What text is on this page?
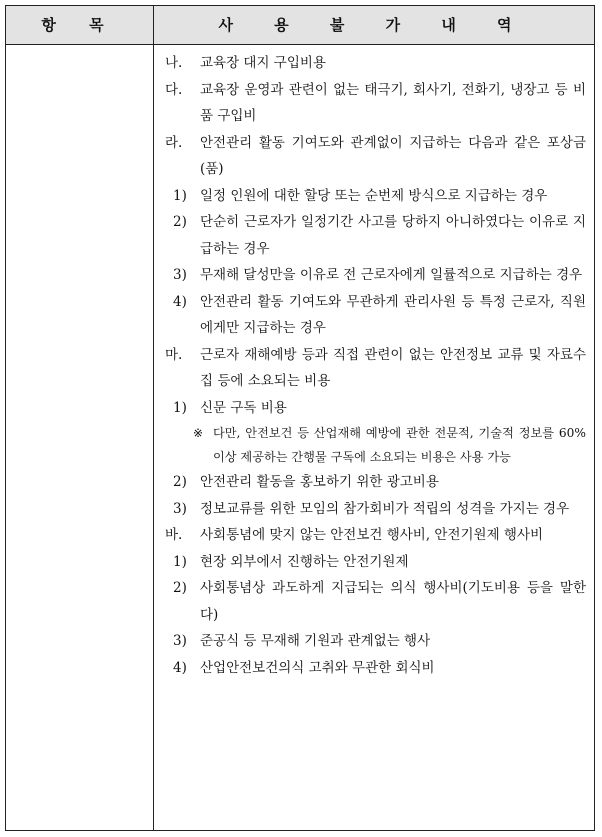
항 목	사 용 불 가 내 역
나.	교육장 대지 구입비용
다.	교육장 운영과 관련이 없는 태극기, 회사기, 전화기, 냉장고 등 비품 구입비
라.	안전관리 활동 기여도와 관계없이 지급하는 다음과 같은 포상금(품)
1) 일정 인원에 대한 할당 또는 순번제 방식으로 지급하는 경우
2) 단순히 근로자가 일정기간 사고를 당하지 아니하였다는 이유로 지급하는 경우
3) 무재해 달성만을 이유로 전 근로자에게 일률적으로 지급하는 경우
4) 안전관리 활동 기여도와 무관하게 관리사원 등 특정 근로자, 직원에게만 지급하는 경우
마.	근로자 재해예방 등과 직접 관련이 없는 안전정보 교류 및 자료수집 등에 소요되는 비용
1) 신문 구독 비용
※ 다만, 안전보건 등 산업재해 예방에 관한 전문적, 기술적 정보를 60% 이상 제공하는 간행물 구독에 소요되는 비용은 사용 가능
2) 안전관리 활동을 홍보하기 위한 광고비용
3) 정보교류를 위한 모임의 참가회비가 적립의 성격을 가지는 경우
바.	사회통념에 맞지 않는 안전보건 행사비, 안전기원제 행사비
1) 현장 외부에서 진행하는 안전기원제
2) 사회통념상 과도하게 지급되는 의식 행사비(기도비용 등을 말한다)
3) 준공식 등 무재해 기원과 관계없는 행사
4) 산업안전보건의식 고취와 무관한 회식비
